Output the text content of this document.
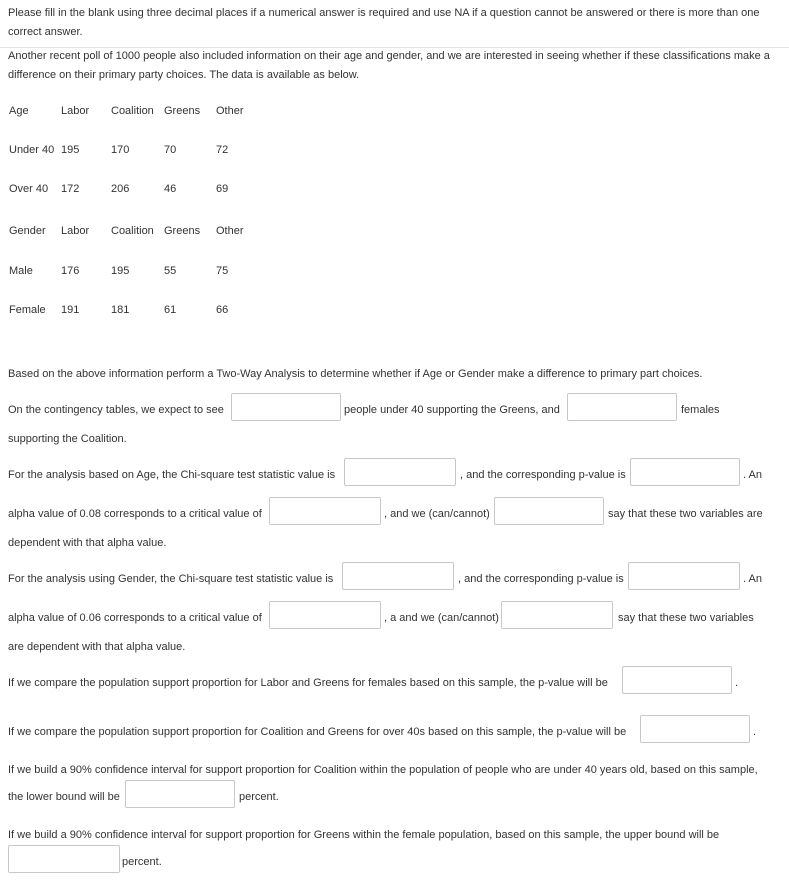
Please fill in the blank using three decimal places if a numerical answer is required and use NA if a question cannot be answered or there is more than one correct answer.
Another recent poll of 1000 people also included information on their age and gender, and we are interested in seeing whether if these classifications make a difference on their primary party choices. The data is available as below.
Age	Labor Coalition Greens Other
Under 40 195	170	70	72
Over 40 172	206	46	69
Gender Labor Coalition Greens Other
Male	176	195	55	75
Female 191	181	61	66
Based on the above information perform a Two-Way Analysis to determine whether if Age or Gender make a difference to primary part choices.
On the contingency tables, we expect to see	people under 40 supporting the Greens, and	females
supporting the Coalition.
For the analysis based on Age, the Chi-square test statistic value is	, and the corresponding p-value is	. An
alpha value of 0.08 corresponds to a critical value of	, and we (can/cannot)	say that these two variables are
dependent with that alpha value.
For the analysis using Gender, the Chi-square test statistic value is	, and the corresponding p-value is	. An
alpha value of 0.06 corresponds to a critical value of	, a and we (can/cannot)	say that these two variables
are dependent with that alpha value.
If we compare the population support proportion for Labor and Greens for females based on this sample, the p-value will be	.
If we compare the population support proportion for Coalition and Greens for over 40s based on this sample, the p-value will be	.
If we build a 90% confidence interval for support proportion for Coalition within the population of people who are under 40 years old, based on this sample,
the lower bound will be	percent.
If we build a 90% confidence interval for support proportion for Greens within the female population, based on this sample, the upper bound will be
percent.
